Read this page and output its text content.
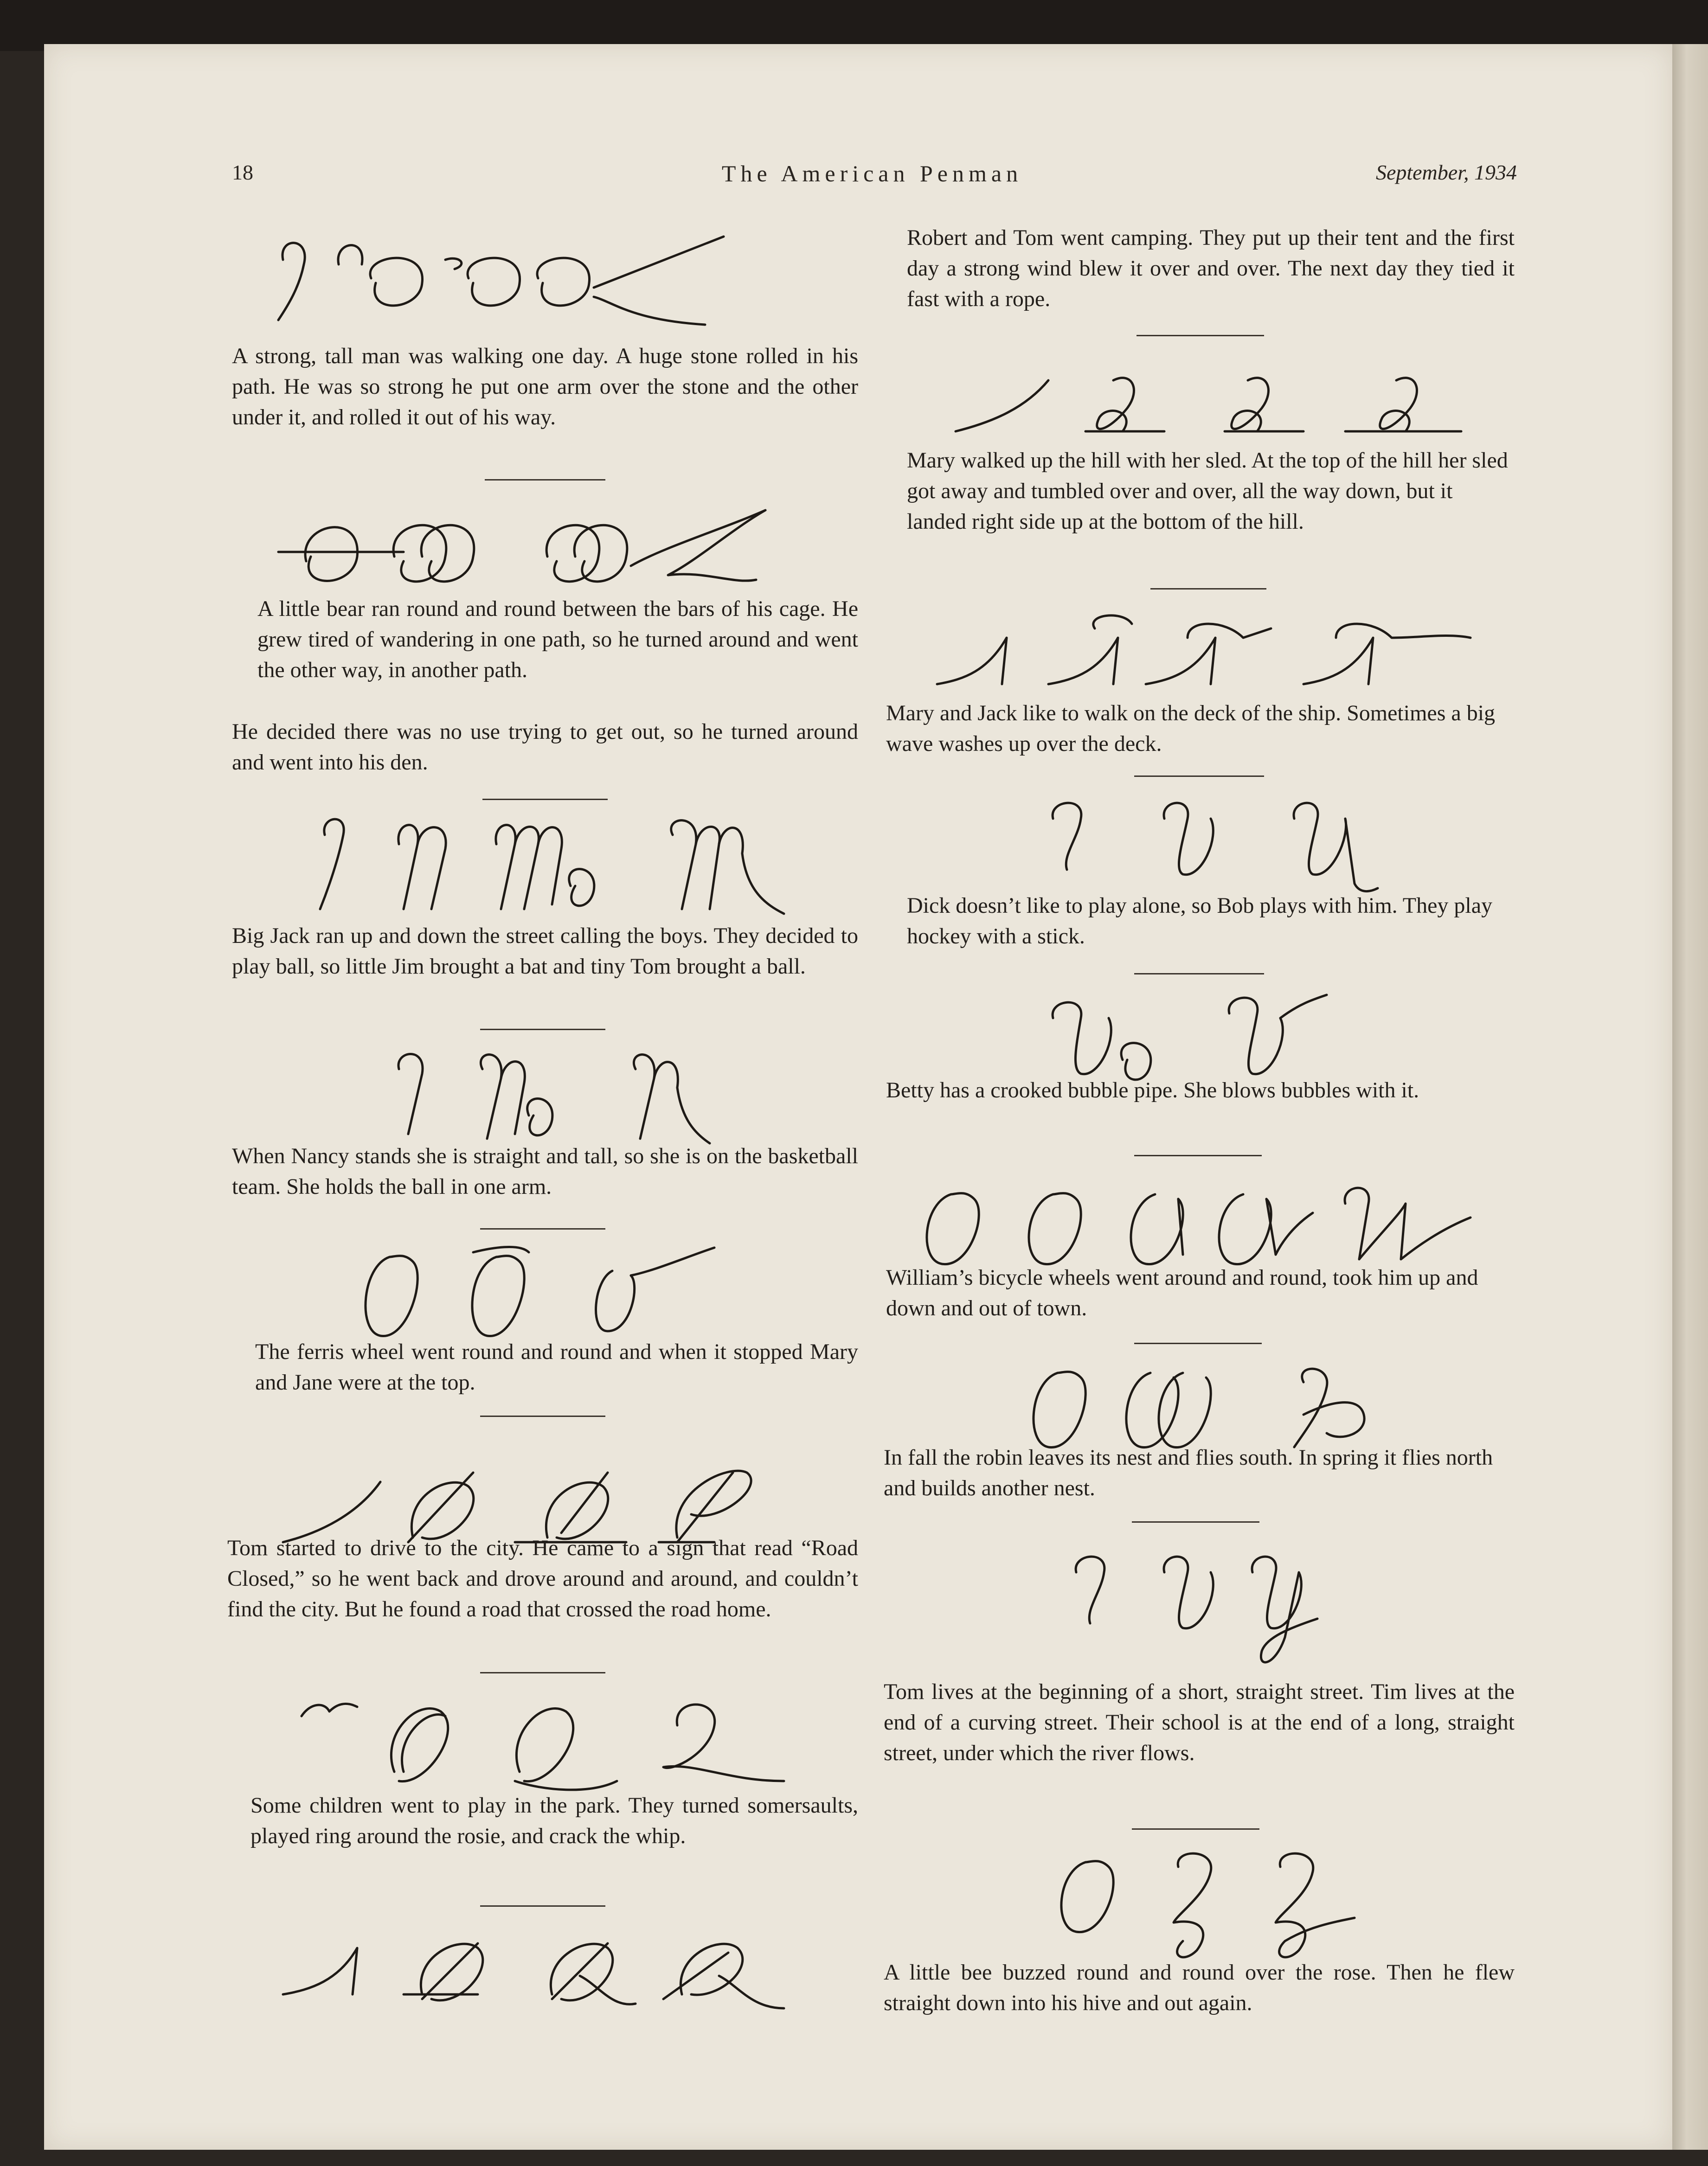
18	The American Penman	September, 1934

A strong, tall man was walking one day. A huge stone rolled in his path. He was so strong he put one arm over the stone and the other under it, and rolled it out of his way.

A little bear ran round and round between the bars of his cage. He grew tired of wandering in one path, so he turned around and went the other way, in another path.

He decided there was no use trying to get out, so he turned around and went into his den.

Big Jack ran up and down the street calling the boys. They decided to play ball, so little Jim brought a bat and tiny Tom brought a ball.

When Nancy stands she is straight and tall, so she is on the basketball team. She holds the ball in one arm.

The ferris wheel went round and round and when it stopped Mary and Jane were at the top.

Tom started to drive to the city. He came to a sign that read “Road Closed,” so he went back and drove around and around, and couldn’t find the city. But he found a road that crossed the road home.

Some children went to play in the park. They turned somersaults, played ring around the rosie, and crack the whip.

Robert and Tom went camping. They put up their tent and the first day a strong wind blew it over and over. The next day they tied it fast with a rope.

Mary walked up the hill with her sled. At the top of the hill her sled got away and tumbled over and over, all the way down, but it landed right side up at the bottom of the hill.

Mary and Jack like to walk on the deck of the ship. Sometimes a big wave washes up over the deck.

Dick doesn’t like to play alone, so Bob plays with him. They play hockey with a stick.

Betty has a crooked bubble pipe. She blows bubbles with it.

William’s bicycle wheels went around and round, took him up and down and out of town.

In fall the robin leaves its nest and flies south. In spring it flies north and builds another nest.

Tom lives at the beginning of a short, straight street. Tim lives at the end of a curving street. Their school is at the end of a long, straight street, under which the river flows.

A little bee buzzed round and round over the rose. Then he flew straight down into his hive and out again.
